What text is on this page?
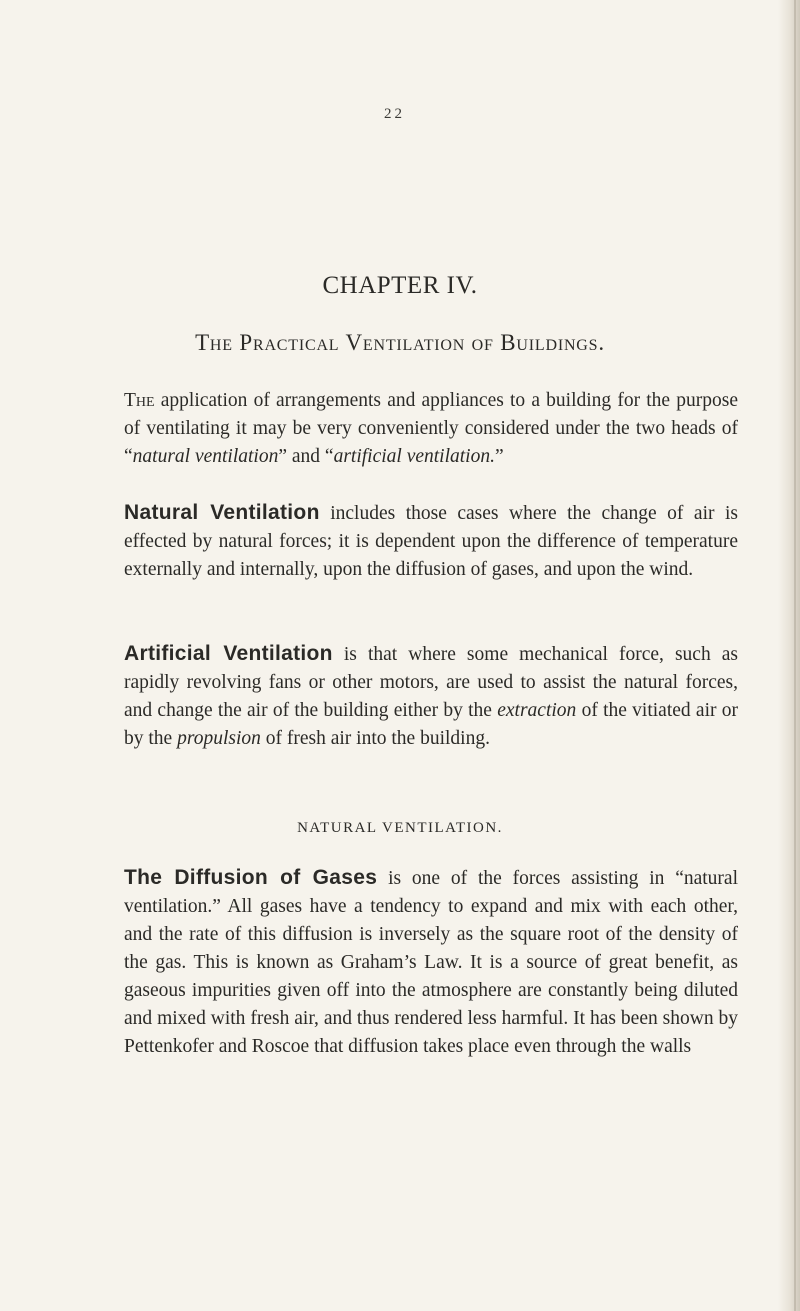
22
CHAPTER IV.
The Practical Ventilation of Buildings.
The application of arrangements and appliances to a building for the purpose of ventilating it may be very conveniently considered under the two heads of “natural ventilation” and “artificial ventilation.”
Natural Ventilation includes those cases where the change of air is effected by natural forces; it is dependent upon the difference of temperature externally and internally, upon the diffusion of gases, and upon the wind.
Artificial Ventilation is that where some mechanical force, such as rapidly revolving fans or other motors, are used to assist the natural forces, and change the air of the building either by the extraction of the vitiated air or by the propulsion of fresh air into the building.
NATURAL VENTILATION.
The Diffusion of Gases is one of the forces assisting in “natural ventilation.” All gases have a tendency to expand and mix with each other, and the rate of this diffusion is inversely as the square root of the density of the gas. This is known as Graham’s Law. It is a source of great benefit, as gaseous impurities given off into the atmosphere are constantly being diluted and mixed with fresh air, and thus rendered less harmful. It has been shown by Pettenkofer and Roscoe that diffusion takes place even through the walls
